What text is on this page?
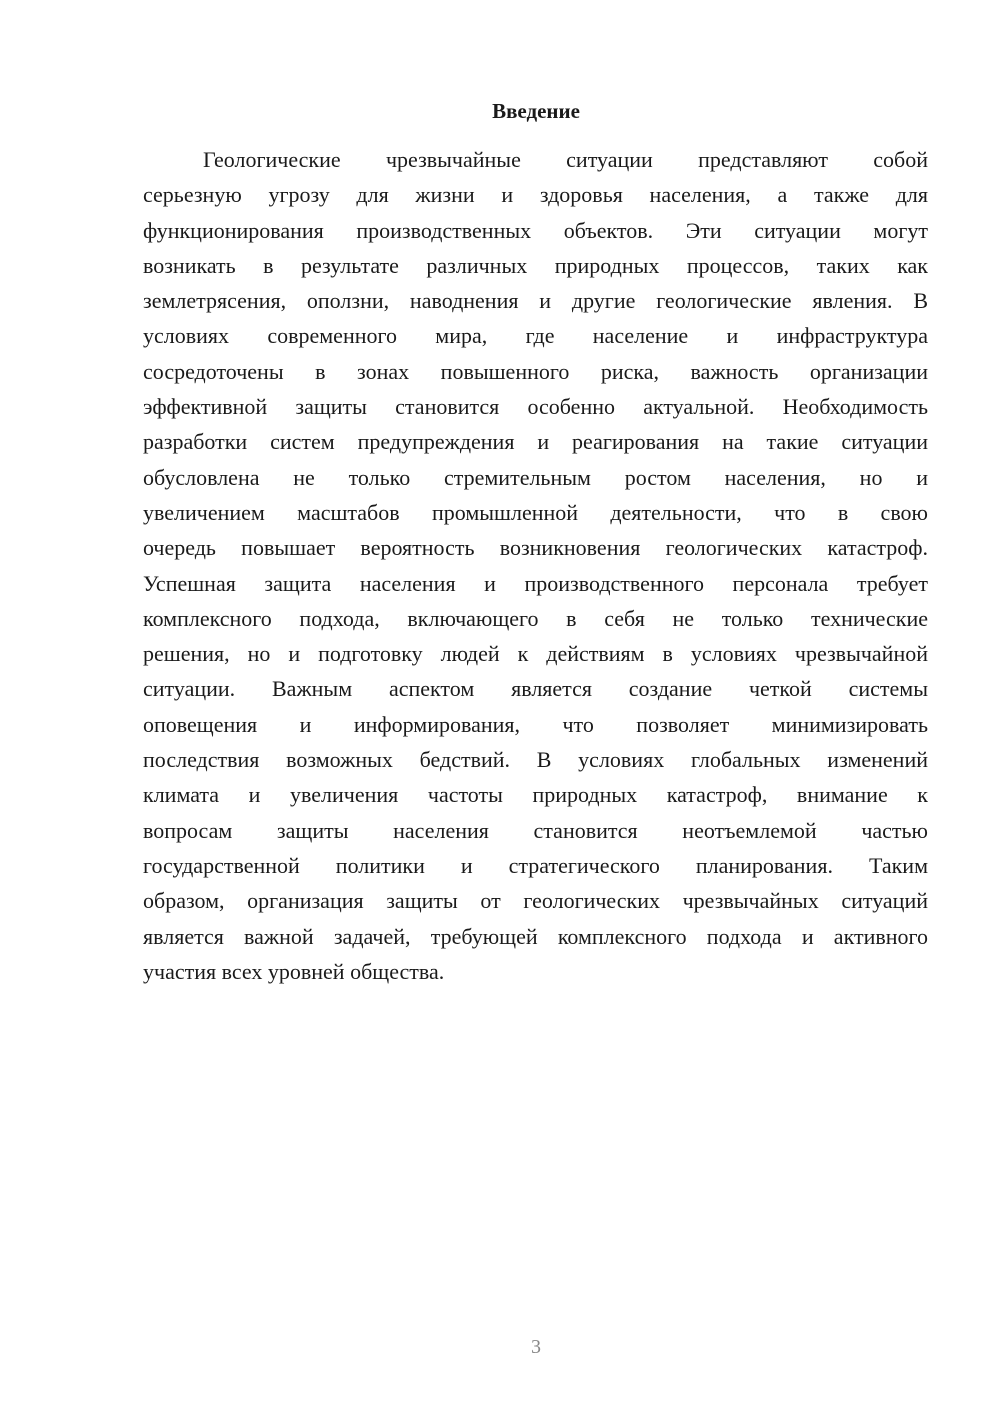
Введение
Геологические чрезвычайные ситуации представляют собой
серьезную угрозу для жизни и здоровья населения, а также для
функционирования производственных объектов. Эти ситуации могут
возникать в результате различных природных процессов, таких как
землетрясения, оползни, наводнения и другие геологические явления. В
условиях современного мира, где население и инфраструктура
сосредоточены в зонах повышенного риска, важность организации
эффективной защиты становится особенно актуальной. Необходимость
разработки систем предупреждения и реагирования на такие ситуации
обусловлена не только стремительным ростом населения, но и
увеличением масштабов промышленной деятельности, что в свою
очередь повышает вероятность возникновения геологических катастроф.
Успешная защита населения и производственного персонала требует
комплексного подхода, включающего в себя не только технические
решения, но и подготовку людей к действиям в условиях чрезвычайной
ситуации. Важным аспектом является создание четкой системы
оповещения и информирования, что позволяет минимизировать
последствия возможных бедствий. В условиях глобальных изменений
климата и увеличения частоты природных катастроф, внимание к
вопросам защиты населения становится неотъемлемой частью
государственной политики и стратегического планирования. Таким
образом, организация защиты от геологических чрезвычайных ситуаций
является важной задачей, требующей комплексного подхода и активного
участия всех уровней общества.
3
